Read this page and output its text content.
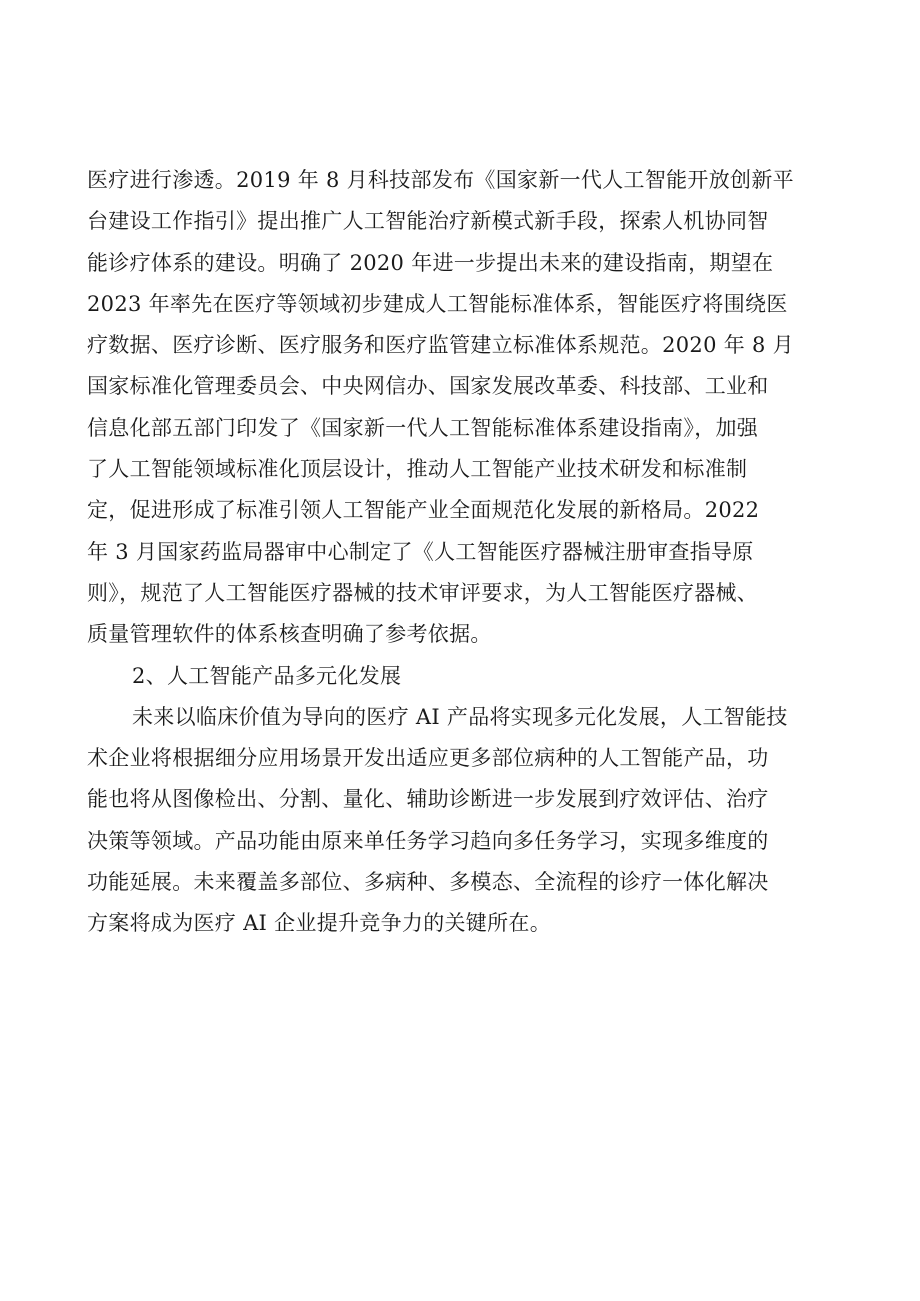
医疗进行渗透。2019 年 8 月科技部发布《国家新一代人工智能开放创新平
台建设工作指引》提出推广人工智能治疗新模式新手段，探索人机协同智
能诊疗体系的建设。明确了 2020 年进一步提出未来的建设指南，期望在
2023 年率先在医疗等领域初步建成人工智能标准体系，智能医疗将围绕医
疗数据、医疗诊断、医疗服务和医疗监管建立标准体系规范。2020 年 8 月
国家标准化管理委员会、中央网信办、国家发展改革委、科技部、工业和
信息化部五部门印发了《国家新一代人工智能标准体系建设指南》，加强
了人工智能领域标准化顶层设计，推动人工智能产业技术研发和标准制
定，促进形成了标准引领人工智能产业全面规范化发展的新格局。2022
年 3 月国家药监局器审中心制定了《人工智能医疗器械注册审查指导原
则》，规范了人工智能医疗器械的技术审评要求，为人工智能医疗器械、
质量管理软件的体系核查明确了参考依据。
2、人工智能产品多元化发展
未来以临床价值为导向的医疗 AI 产品将实现多元化发展，人工智能技
术企业将根据细分应用场景开发出适应更多部位病种的人工智能产品，功
能也将从图像检出、分割、量化、辅助诊断进一步发展到疗效评估、治疗
决策等领域。产品功能由原来单任务学习趋向多任务学习，实现多维度的
功能延展。未来覆盖多部位、多病种、多模态、全流程的诊疗一体化解决
方案将成为医疗 AI 企业提升竞争力的关键所在。
